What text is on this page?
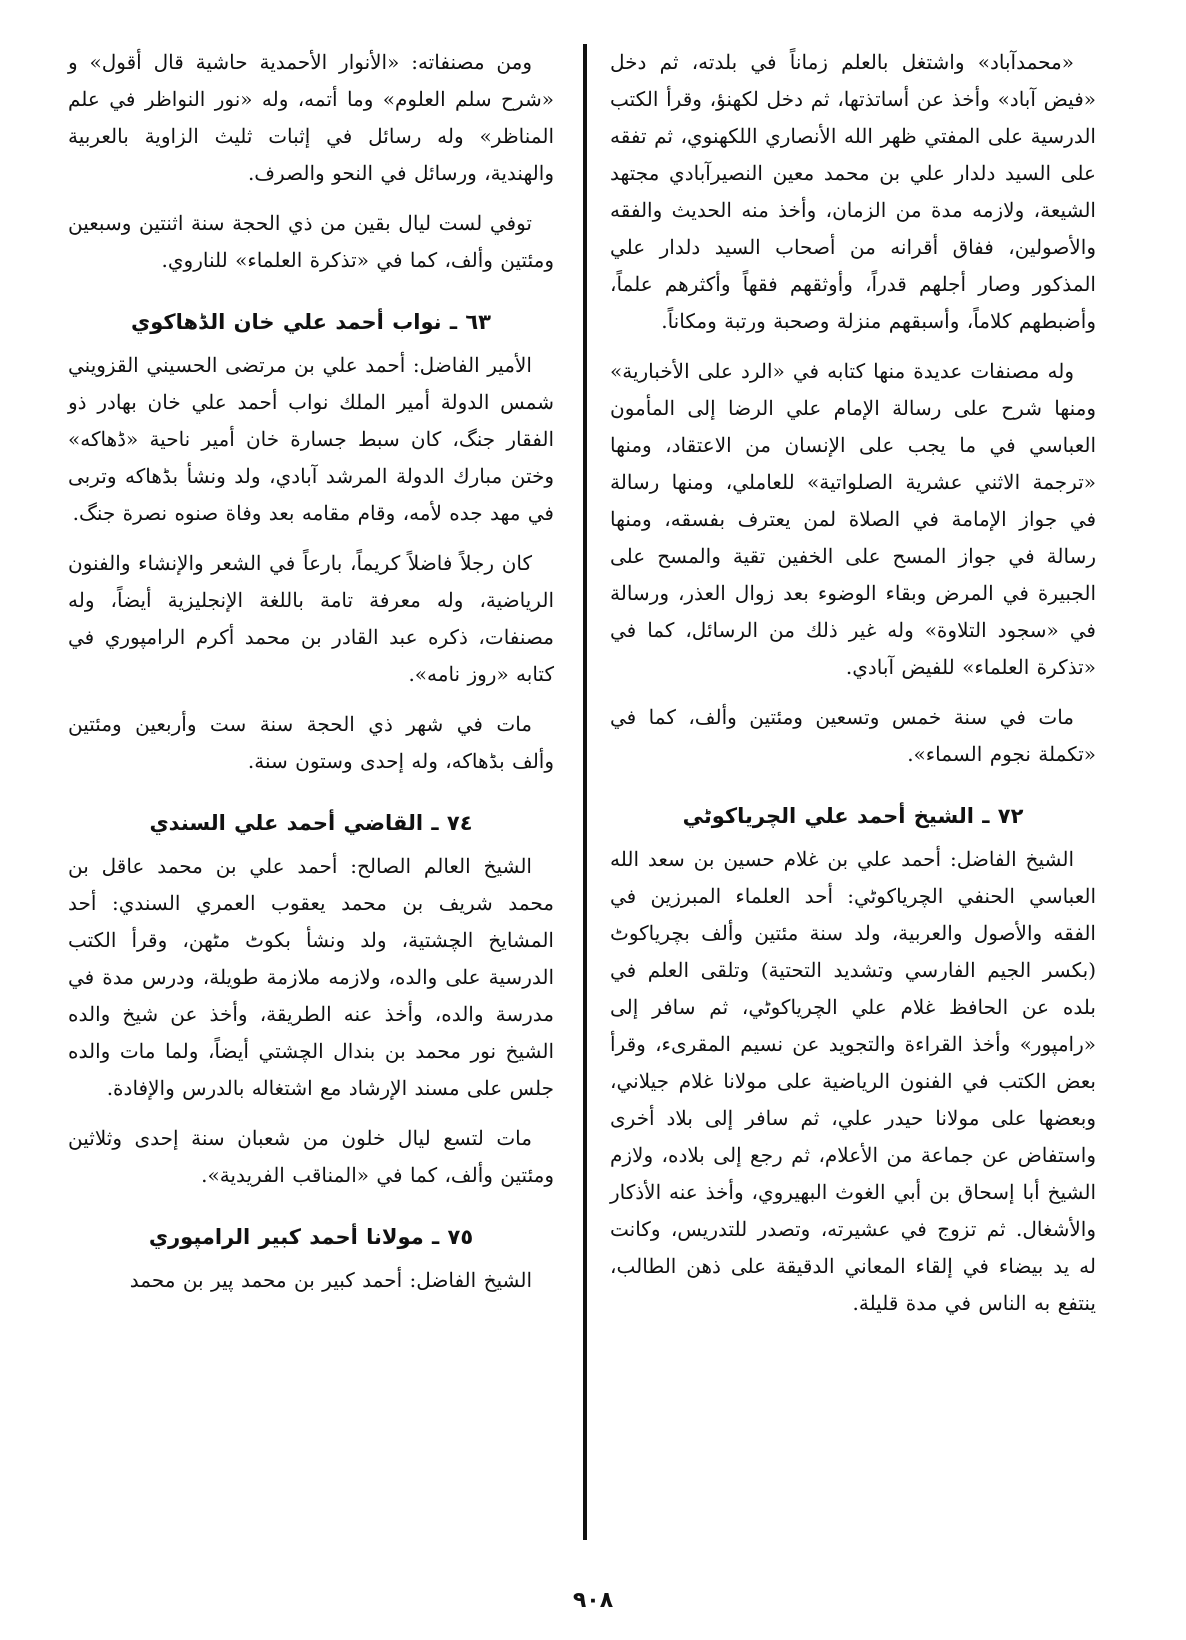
«محمدآباد» واشتغل بالعلم زماناً في بلدته، ثم دخل «فيض آباد» وأخذ عن أساتذتها، ثم دخل لكهنؤ، وقرأ الكتب الدرسية على المفتي ظهر الله الأنصاري اللكهنوي، ثم تفقه على السيد دلدار علي بن محمد معين النصيرآبادي مجتهد الشيعة، ولازمه مدة من الزمان، وأخذ منه الحديث والفقه والأصولين، ففاق أقرانه من أصحاب السيد دلدار علي المذكور وصار أجلهم قدراً، وأوثقهم فقهاً وأكثرهم علماً، وأضبطهم كلاماً، وأسبقهم منزلة وصحبة ورتبة ومكاناً.

وله مصنفات عديدة منها كتابه في «الرد على الأخبارية» ومنها شرح على رسالة الإمام علي الرضا إلى المأمون العباسي في ما يجب على الإنسان من الاعتقاد، ومنها «ترجمة الاثني عشرية الصلواتية» للعاملي، ومنها رسالة في جواز الإمامة في الصلاة لمن يعترف بفسقه، ومنها رسالة في جواز المسح على الخفين تقية والمسح على الجبيرة في المرض وبقاء الوضوء بعد زوال العذر، ورسالة في «سجود التلاوة» وله غير ذلك من الرسائل، كما في «تذكرة العلماء» للفيض آبادي.

مات في سنة خمس وتسعين ومئتين وألف، كما في «تكملة نجوم السماء».

٧٢ ـ الشيخ أحمد علي الچرياكوٹي

الشيخ الفاضل: أحمد علي بن غلام حسين بن سعد الله العباسي الحنفي الچرياكوٹي: أحد العلماء المبرزين في الفقه والأصول والعربية، ولد سنة مئتين وألف بچرياكوٹ (بكسر الجيم الفارسي وتشديد التحتية) وتلقى العلم في بلده عن الحافظ غلام علي الچرياكوٹي، ثم سافر إلى «رامپور» وأخذ القراءة والتجويد عن نسيم المقرىء، وقرأ بعض الكتب في الفنون الرياضية على مولانا غلام جيلاني، وبعضها على مولانا حيدر علي، ثم سافر إلى بلاد أخرى واستفاض عن جماعة من الأعلام، ثم رجع إلى بلاده، ولازم الشيخ أبا إسحاق بن أبي الغوث البهيروي، وأخذ عنه الأذكار والأشغال. ثم تزوج في عشيرته، وتصدر للتدريس، وكانت له يد بيضاء في إلقاء المعاني الدقيقة على ذهن الطالب، ينتفع به الناس في مدة قليلة.

ومن مصنفاته: «الأنوار الأحمدية حاشية قال أقول» و «شرح سلم العلوم» وما أتمه، وله «نور النواظر في علم المناظر» وله رسائل في إثبات ثليث الزاوية بالعربية والهندية، ورسائل في النحو والصرف.

توفي لست ليال بقين من ذي الحجة سنة اثنتين وسبعين ومئتين وألف، كما في «تذكرة العلماء» للناروي.

٦٣ ـ نواب أحمد علي خان الڈھاکوي

الأمير الفاضل: أحمد علي بن مرتضى الحسيني القزويني شمس الدولة أمير الملك نواب أحمد علي خان بهادر ذو الفقار جنگ، كان سبط جسارة خان أمير ناحية «ڈھاکه» وختن مبارك الدولة المرشد آبادي، ولد ونشأ بڈھاکه وتربى في مهد جده لأمه، وقام مقامه بعد وفاة صنوه نصرة جنگ.

كان رجلاً فاضلاً كريماً، بارعاً في الشعر والإنشاء والفنون الرياضية، وله معرفة تامة باللغة الإنجليزية أيضاً، وله مصنفات، ذكره عبد القادر بن محمد أكرم الرامپوري في كتابه «روز نامه».

مات في شهر ذي الحجة سنة ست وأربعين ومئتين وألف بڈھاکه، وله إحدى وستون سنة.

٧٤ ـ القاضي أحمد علي السندي

الشيخ العالم الصالح: أحمد علي بن محمد عاقل بن محمد شريف بن محمد يعقوب العمري السندي: أحد المشايخ الچشتية، ولد ونشأ بكوٹ مٹھن، وقرأ الكتب الدرسية على والده، ولازمه ملازمة طويلة، ودرس مدة في مدرسة والده، وأخذ عنه الطريقة، وأخذ عن شيخ والده الشيخ نور محمد بن بندال الچشتي أيضاً، ولما مات والده جلس على مسند الإرشاد مع اشتغاله بالدرس والإفادة.

مات لتسع ليال خلون من شعبان سنة إحدى وثلاثين ومئتين وألف، كما في «المناقب الفريدية».

٧٥ ـ مولانا أحمد كبير الرامپوري

الشيخ الفاضل: أحمد كبير بن محمد پير بن محمد

٩٠٨
